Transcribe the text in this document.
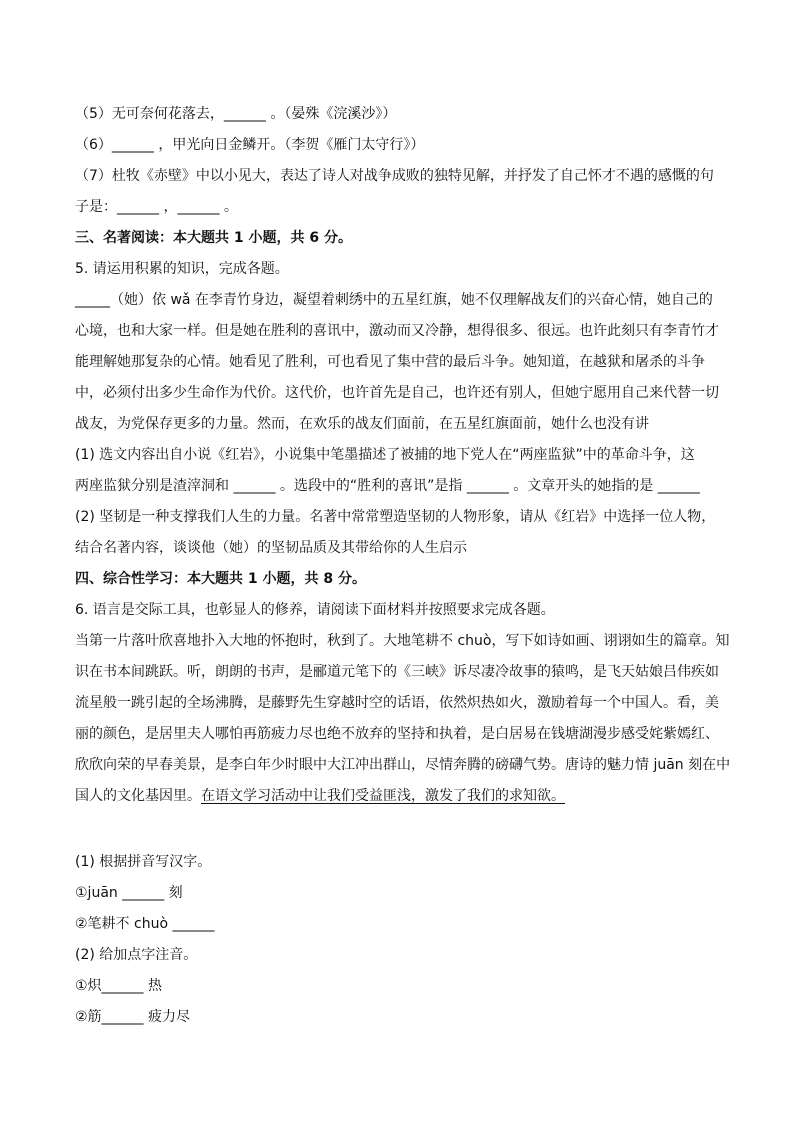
（5）无可奈何花落去，______ 。（晏殊《浣溪沙》）
（6）______ ，甲光向日金鳞开。（李贺《雁门太守行》）
（7）杜牧《赤壁》中以小见大，表达了诗人对战争成败的独特见解，并抒发了自己怀才不遇的感慨的句
子是：______ ，______ 。
三、名著阅读：本大题共 1 小题，共 6 分。
5. 请运用积累的知识，完成各题。
_____（她）依 wǎ 在李青竹身边，凝望着刺绣中的五星红旗，她不仅理解战友们的兴奋心情，她自己的
心境，也和大家一样。但是她在胜利的喜讯中，激动而又冷静，想得很多、很远。也许此刻只有李青竹才
能理解她那复杂的心情。她看见了胜利，可也看见了集中营的最后斗争。她知道，在越狱和屠杀的斗争
中，必须付出多少生命作为代价。这代价，也许首先是自己，也许还有别人，但她宁愿用自己来代替一切
战友，为党保存更多的力量。然而，在欢乐的战友们面前，在五星红旗面前，她什么也没有讲
(1) 选文内容出自小说《红岩》，小说集中笔墨描述了被捕的地下党人在“两座监狱”中的革命斗争，这
两座监狱分别是渣滓洞和 ______ 。选段中的“胜利的喜讯”是指 ______ 。文章开头的她指的是 ______
(2) 坚韧是一种支撑我们人生的力量。名著中常常塑造坚韧的人物形象，请从《红岩》中选择一位人物，
结合名著内容，谈谈他（她）的坚韧品质及其带给你的人生启示
四、综合性学习：本大题共 1 小题，共 8 分。
6. 语言是交际工具，也彰显人的修养，请阅读下面材料并按照要求完成各题。
当第一片落叶欣喜地扑入大地的怀抱时，秋到了。大地笔耕不 chuò，写下如诗如画、诩诩如生的篇章。知
识在书本间跳跃。听，朗朗的书声，是郦道元笔下的《三峡》诉尽凄冷故事的猿鸣，是飞天姑娘吕伟疾如
流星般一跳引起的全场沸腾，是藤野先生穿越时空的话语，依然炽热如火，激励着每一个中国人。看，美
丽的颜色，是居里夫人哪怕再筋疲力尽也绝不放弃的坚持和执着，是白居易在钱塘湖漫步感受姹紫嫣红、
欣欣向荣的早春美景，是李白年少时眼中大江冲出群山，尽情奔腾的磅礴气势。唐诗的魅力情 juān 刻在中
国人的文化基因里。在语文学习活动中让我们受益匪浅，激发了我们的求知欲。
(1) 根据拼音写汉字。
①juān ______ 刻
②笔耕不 chuò ______
(2) 给加点字注音。
①炽______ 热
②筋______ 疲力尽
